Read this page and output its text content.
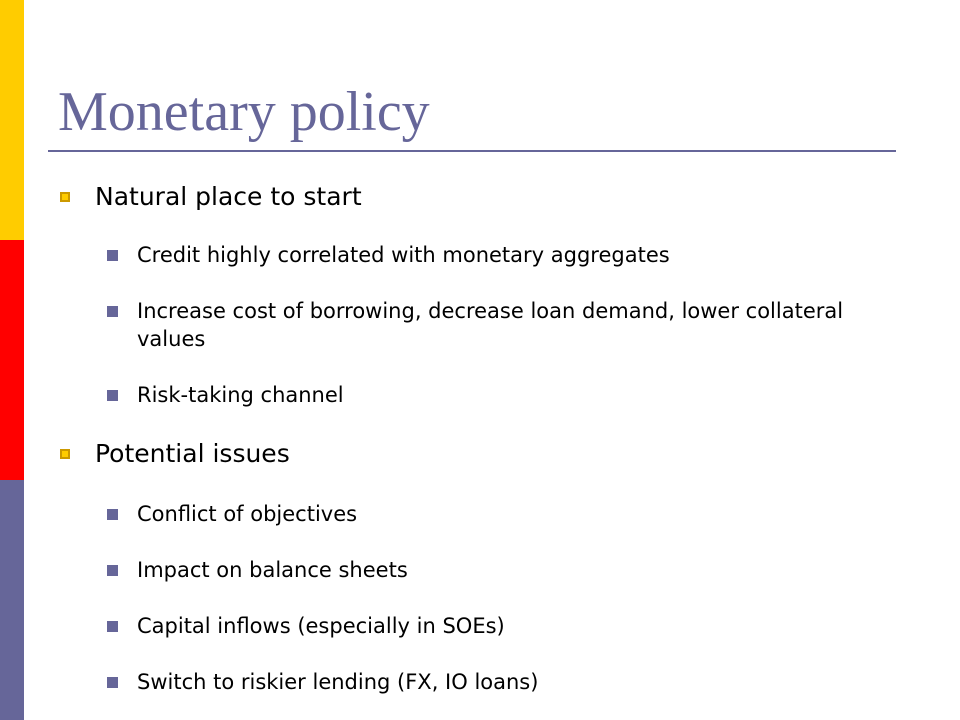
Monetary policy
Natural place to start
Credit highly correlated with monetary aggregates
Increase cost of borrowing, decrease loan demand, lower collateral values
Risk-taking channel
Potential issues
Conflict of objectives
Impact on balance sheets
Capital inflows (especially in SOEs)
Switch to riskier lending (FX, IO loans)
